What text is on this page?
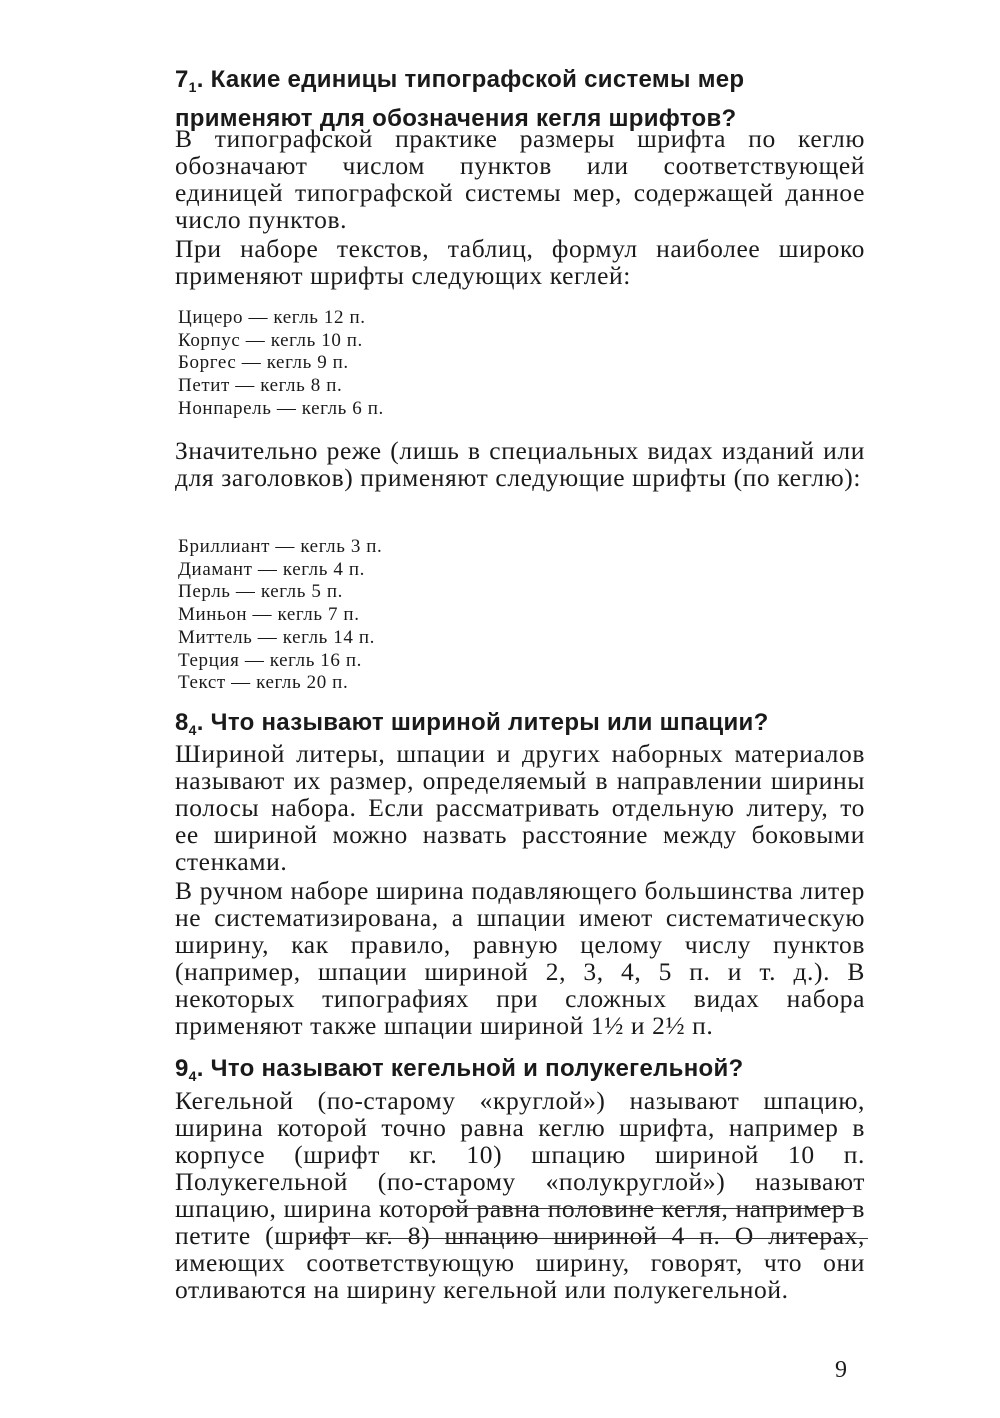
$7_1$. Какие единицы типографской системы мер применяют для обозначения кегля шрифтов?
В типографской практике размеры шрифта по кеглю обозначают числом пунктов или соответствующей единицей типографской системы мер, содержащей данное число пунктов.
При наборе текстов, таблиц, формул наиболее широко применяют шрифты следующих кеглей:
Цицеро — кегль 12 п.
Корпус — кегль 10 п.
Боргес — кегль 9 п.
Петит — кегль 8 п.
Нонпарель — кегль 6 п.
Значительно реже (лишь в специальных видах изданий или для заголовков) применяют следующие шрифты (по кеглю):
Бриллиант — кегль 3 п.
Диамант — кегль 4 п.
Перль — кегль 5 п.
Миньон — кегль 7 п.
Миттель — кегль 14 п.
Терция — кегль 16 п.
Текст — кегль 20 п.
$8_4$. Что называют шириной литеры или шпации?
Шириной литеры, шпации и других наборных материалов называют их размер, определяемый в направлении ширины полосы набора. Если рассматривать отдельную литеру, то ее шириной можно назвать расстояние между боковыми стенками.
В ручном наборе ширина подавляющего большинства литер не систематизирована, а шпации имеют систематическую ширину, как правило, равную целому числу пунктов (например, шпации шириной 2, 3, 4, 5 п. и т. д.). В некоторых типографиях при сложных видах набора применяют также шпации шириной 1½ и 2½ п.
$9_4$. Что называют кегельной и полукегельной?
Кегельной (по-старому «круглой») называют шпацию, ширина которой точно равна кеглю шрифта, например в корпусе (шрифт кг. 10) шпацию шириной 10 п. Полукегельной (по-старому «полукруглой») называют шпацию, ширина которой равна половине кегля, например в петите (шрифт кг. 8) шпацию шириной 4 п. О литерах, имеющих соответствующую ширину, говорят, что они отливаются на ширину кегельной или полукегельной.
9
